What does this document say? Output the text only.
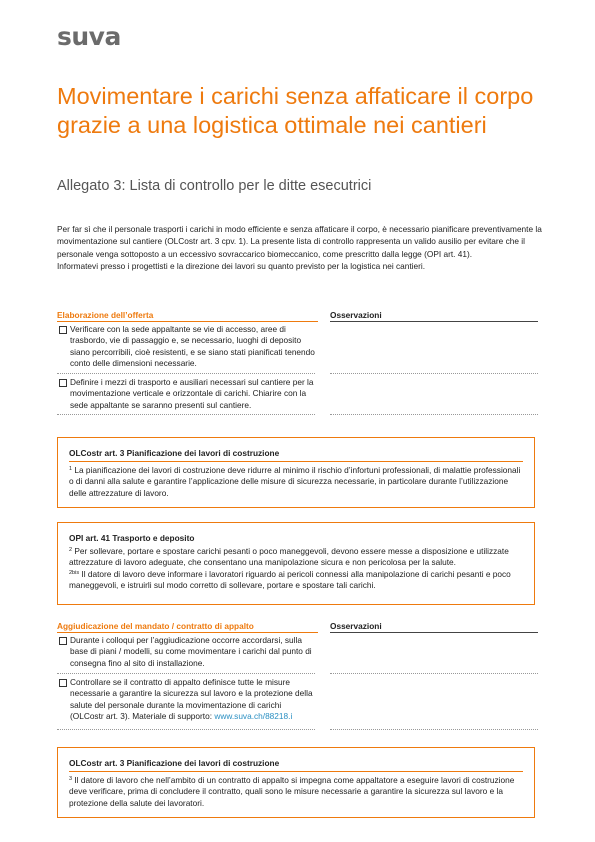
suva
Movimentare i carichi senza affaticare il corpo grazie a una logistica ottimale nei cantieri
Allegato 3: Lista di controllo per le ditte esecutrici

Per far sì che il personale trasporti i carichi in modo efficiente e senza affaticare il corpo, è necessario pianificare preventivamente la movimentazione sul cantiere (OLCostr art. 3 cpv. 1). La presente lista di controllo rappresenta un valido ausilio per evitare che il personale venga sottoposto a un eccessivo sovraccarico biomeccanico, come prescritto dalla legge (OPI art. 41).

Informatevi presso i progettisti e la direzione dei lavori su quanto previsto per la logistica nei cantieri.

Elaborazione dell’offerta	Osservazioni
Verificare con la sede appaltante se vie di accesso, aree di trasbordo, vie di passaggio e, se necessario, luoghi di deposito siano percorribili, cioè resistenti, e se siano stati pianificati tenendo conto delle dimensioni necessarie.
Definire i mezzi di trasporto e ausiliari necessari sul cantiere per la movimentazione verticale e orizzontale di carichi. Chiarire con la sede appaltante se saranno presenti sul cantiere.

OLCostr art. 3 Pianificazione dei lavori di costruzione

$^1$ La pianificazione dei lavori di costruzione deve ridurre al minimo il rischio d’infortuni professionali, di malattie professionali o di danni alla salute e garantire l’applicazione delle misure di sicurezza necessarie, in particolare durante l’utilizzazione delle attrezzature di lavoro.

OPI art. 41 Trasporto e deposito

$^2$ Per sollevare, portare e spostare carichi pesanti o poco maneggevoli, devono essere messe a disposizione e utilizzate attrezzature di lavoro adeguate, che consentano una manipolazione sicura e non pericolosa per la salute.

$^{2bis}$ Il datore di lavoro deve informare i lavoratori riguardo ai pericoli connessi alla manipolazione di carichi pesanti e poco maneggevoli, e istruirli sul modo corretto di sollevare, portare e spostare tali carichi.

Aggiudicazione del mandato / contratto di appalto	Osservazioni
Durante i colloqui per l’aggiudicazione occorre accordarsi, sulla base di piani / modelli, su come movimentare i carichi dal punto di consegna fino al sito di installazione.
Controllare se il contratto di appalto definisce tutte le misure necessarie a garantire la sicurezza sul lavoro e la protezione della salute del personale durante la movimentazione di carichi (OLCostr art. 3). Materiale di supporto: www.suva.ch/88218.i

OLCostr art. 3 Pianificazione dei lavori di costruzione

$^3$ Il datore di lavoro che nell’ambito di un contratto di appalto si impegna come appaltatore a eseguire lavori di costruzione deve verificare, prima di concludere il contratto, quali sono le misure necessarie a garantire la sicurezza sul lavoro e la protezione della salute dei lavoratori.
